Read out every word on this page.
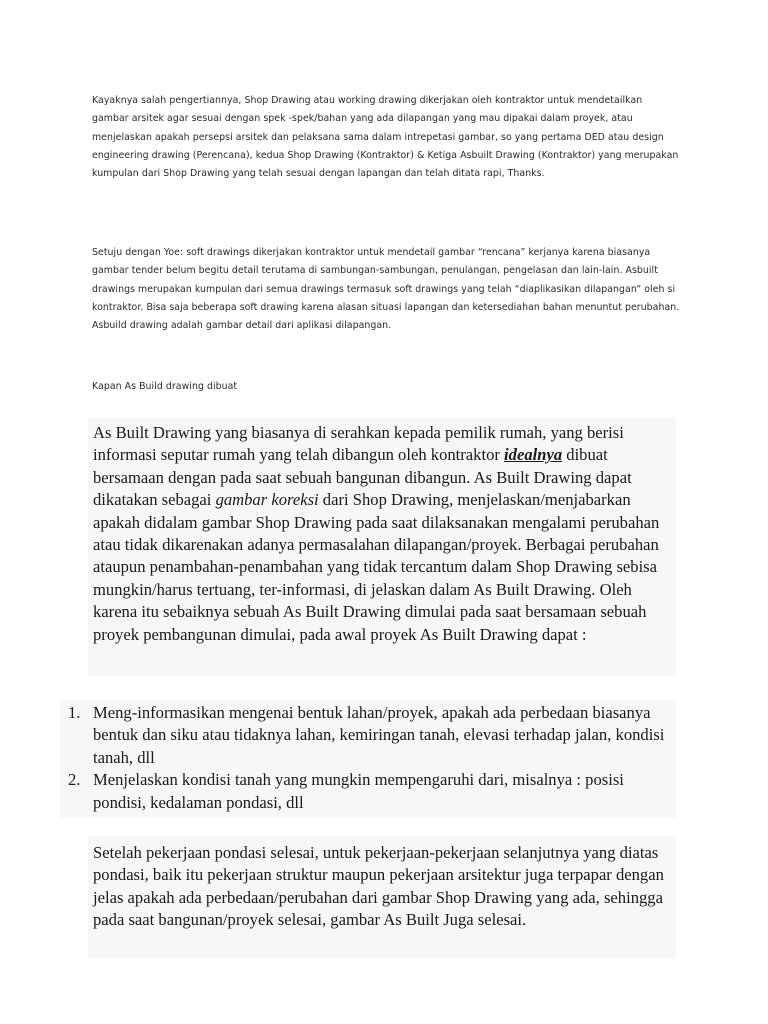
Kayaknya salah pengertiannya, Shop Drawing atau working drawing dikerjakan oleh kontraktor untuk mendetailkan gambar arsitek agar sesuai dengan spek -spek/bahan yang ada dilapangan yang mau dipakai dalam proyek, atau menjelaskan apakah persepsi arsitek dan pelaksana sama dalam intrepetasi gambar, so yang pertama DED atau design engineering drawing (Perencana), kedua Shop Drawing (Kontraktor) & Ketiga Asbuilt Drawing (Kontraktor) yang merupakan kumpulan dari Shop Drawing yang telah sesuai dengan lapangan dan telah ditata rapi, Thanks.

Setuju dengan Yoe: soft drawings dikerjakan kontraktor untuk mendetail gambar “rencana” kerjanya karena biasanya gambar tender belum begitu detail terutama di sambungan-sambungan, penulangan, pengelasan dan lain-lain. Asbuilt drawings merupakan kumpulan dari semua drawings termasuk soft drawings yang telah “diaplikasikan dilapangan” oleh si kontraktor. Bisa saja beberapa soft drawing karena alasan situasi lapangan dan ketersediahan bahan menuntut perubahan. Asbuild drawing adalah gambar detail dari aplikasi dilapangan.

Kapan As Build drawing dibuat

As Built Drawing yang biasanya di serahkan kepada pemilik rumah, yang berisi informasi seputar rumah yang telah dibangun oleh kontraktor idealnya dibuat bersamaan dengan pada saat sebuah bangunan dibangun. As Built Drawing dapat dikatakan sebagai gambar koreksi dari Shop Drawing, menjelaskan/menjabarkan apakah didalam gambar Shop Drawing pada saat dilaksanakan mengalami perubahan atau tidak dikarenakan adanya permasalahan dilapangan/proyek. Berbagai perubahan ataupun penambahan-penambahan yang tidak tercantum dalam Shop Drawing sebisa mungkin/harus tertuang, ter-informasi, di jelaskan dalam As Built Drawing. Oleh karena itu sebaiknya sebuah As Built Drawing dimulai pada saat bersamaan sebuah proyek pembangunan dimulai, pada awal proyek As Built Drawing dapat :

1. Meng-informasikan mengenai bentuk lahan/proyek, apakah ada perbedaan biasanya bentuk dan siku atau tidaknya lahan, kemiringan tanah, elevasi terhadap jalan, kondisi tanah, dll
2. Menjelaskan kondisi tanah yang mungkin mempengaruhi dari, misalnya : posisi pondisi, kedalaman pondasi, dll

Setelah pekerjaan pondasi selesai, untuk pekerjaan-pekerjaan selanjutnya yang diatas pondasi, baik itu pekerjaan struktur maupun pekerjaan arsitektur juga terpapar dengan jelas apakah ada perbedaan/perubahan dari gambar Shop Drawing yang ada, sehingga pada saat bangunan/proyek selesai, gambar As Built Juga selesai.
